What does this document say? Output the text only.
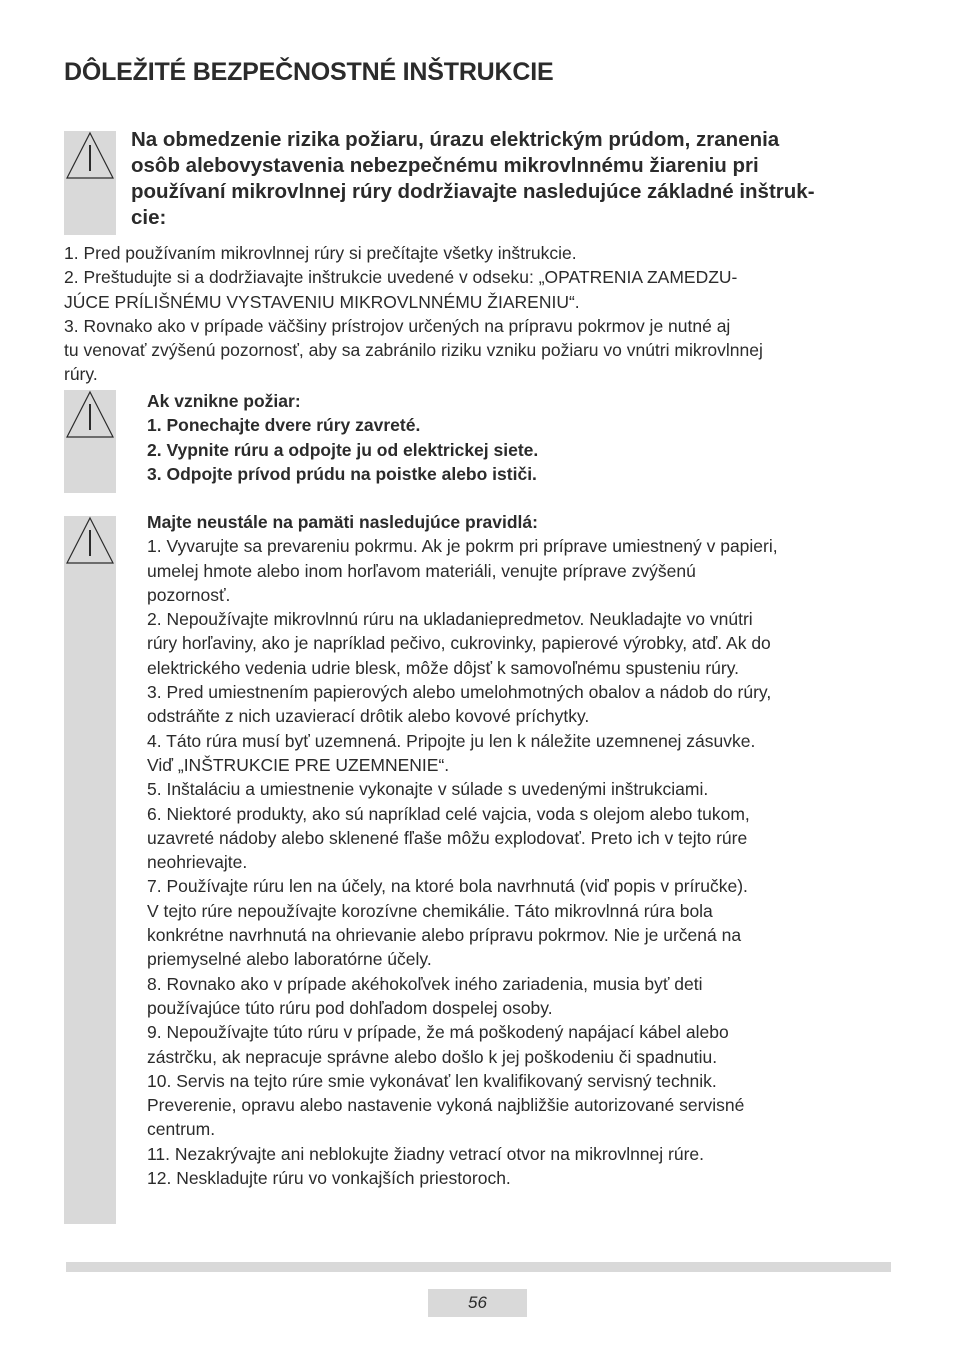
DÔLEŽITÉ BEZPEČNOSTNÉ INŠTRUKCIE
Na obmedzenie rizika požiaru, úrazu elektrickým prúdom, zranenia
osôb alebovystavenia nebezpečnému mikrovlnnému žiareniu pri
používaní mikrovlnnej rúry dodržiavajte nasledujúce základné inštruk-
cie:

1. Pred používaním mikrovlnnej rúry si prečítajte všetky inštrukcie.

2. Preštudujte si a dodržiavajte inštrukcie uvedené v odseku: „OPATRENIA ZAMEDZU-

JÚCE PRÍLIŠNÉMU VYSTAVENIU MIKROVLNNÉMU ŽIARENIU“.

3. Rovnako ako v prípade väčšiny prístrojov určených na prípravu pokrmov je nutné aj

tu venovať zvýšenú pozornosť, aby sa zabránilo riziku vzniku požiaru vo vnútri mikrovlnnej

rúry.

Ak vznikne požiar:

1. Ponechajte dvere rúry zavreté.

2. Vypnite rúru a odpojte ju od elektrickej siete.

3. Odpojte prívod prúdu na poistke alebo ističi.

Majte neustále na pamäti nasledujúce pravidlá:

1. Vyvarujte sa prevareniu pokrmu. Ak je pokrm pri príprave umiestnený v papieri,

umelej hmote alebo inom horľavom materiáli, venujte príprave zvýšenú

pozornosť.

2. Nepoužívajte mikrovlnnú rúru na ukladaniepredmetov. Neukladajte vo vnútri

rúry horľaviny, ako je napríklad pečivo, cukrovinky, papierové výrobky, atď. Ak do

elektrického vedenia udrie blesk, môže dôjsť k samovoľnému spusteniu rúry.

3. Pred umiestnením papierových alebo umelohmotných obalov a nádob do rúry,

odstráňte z nich uzavierací drôtik alebo kovové príchytky.

4. Táto rúra musí byť uzemnená. Pripojte ju len k náležite uzemnenej zásuvke.

Viď „INŠTRUKCIE PRE UZEMNENIE“.

5. Inštaláciu a umiestnenie vykonajte v súlade s uvedenými inštrukciami.

6. Niektoré produkty, ako sú napríklad celé vajcia, voda s olejom alebo tukom,

uzavreté nádoby alebo sklenené fľaše môžu explodovať. Preto ich v tejto rúre

neohrievajte.

7. Používajte rúru len na účely, na ktoré bola navrhnutá (viď popis v príručke).

V tejto rúre nepoužívajte korozívne chemikálie. Táto mikrovlnná rúra bola

konkrétne navrhnutá na ohrievanie alebo prípravu pokrmov. Nie je určená na

priemyselné alebo laboratórne účely.

8. Rovnako ako v prípade akéhokoľvek iného zariadenia, musia byť deti

používajúce túto rúru pod dohľadom dospelej osoby.

9. Nepoužívajte túto rúru v prípade, že má poškodený napájací kábel alebo

zástrčku, ak nepracuje správne alebo došlo k jej poškodeniu či spadnutiu.

10. Servis na tejto rúre smie vykonávať len kvalifikovaný servisný technik.

Preverenie, opravu alebo nastavenie vykoná najbližšie autorizované servisné

centrum.

11. Nezakrývajte ani neblokujte žiadny vetrací otvor na mikrovlnnej rúre.

12. Neskladujte rúru vo vonkajších priestoroch.

56
